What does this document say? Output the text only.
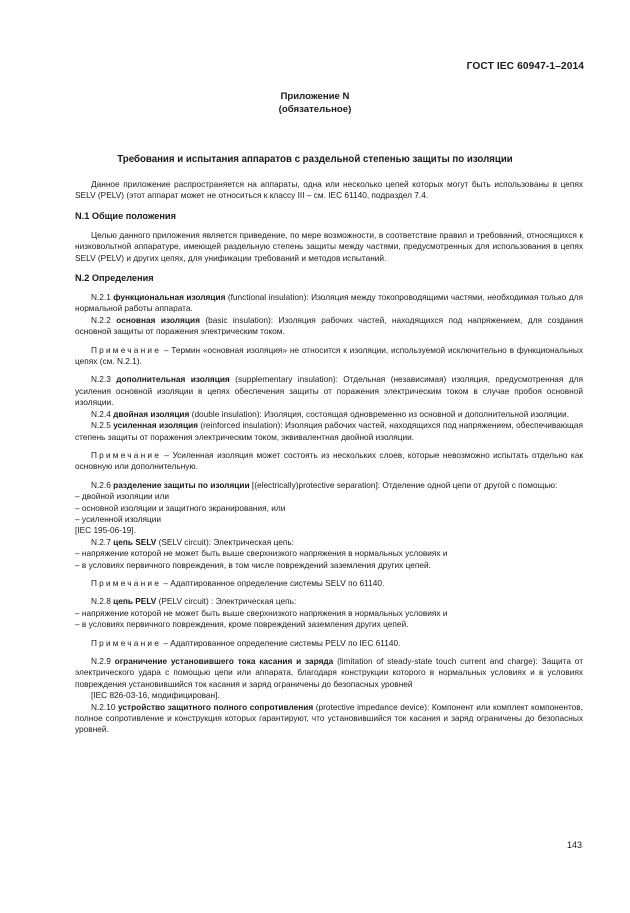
ГОСТ IEC 60947-1–2014
Приложение N
(обязательное)
Требования и испытания аппаратов с раздельной степенью защиты по изоляции

Данное приложение распространяется на аппараты, одна или несколько цепей которых могут быть использованы в цепях SELV (PELV) (этот аппарат может не относиться к классу III – см. IEC 61140, подраздел 7.4.

N.1 Общие положения

Целью данного приложения является приведение, по мере возможности, в соответствие правил и требований, относящихся к низковольтной аппаратуре, имеющей раздельную степень защиты между частями, предусмотренных для использования в цепях SELV (PELV) и других цепях, для унификации требований и методов испытаний.

N.2 Определения

N.2.1 функциональная изоляция (functional insulation): Изоляция между токопроводящими частями, необходимая только для нормальной работы аппарата.

N.2.2 основная изоляция (basic insulation): Изоляция рабочих частей, находящихся под напряжением, для создания основной защиты от поражения электрическим током.

Примечание – Термин «основная изоляция» не относится к изоляции, используемой исключительно в функциональных цепях (см. N.2.1).

N.2.3 дополнительная изоляция (supplementary insulation): Отдельная (независимая) изоляция, предусмотренная для усиления основной изоляции в цепях обеспечения защиты от поражения электрическим током в случае пробоя основной изоляции.

N.2.4 двойная изоляция (double insulation): Изоляция, состоящая одновременно из основной и дополнительной изоляции.

N.2.5 усиленная изоляция (reinforced insulation): Изоляция рабочих частей, находящихся под напряжением, обеспечивающая степень защиты от поражения электрическим током, эквивалентная двойной изоляции.

Примечание – Усиленная изоляция может состоять из нескольких слоев, которые невозможно испытать отдельно как основную или дополнительную.

N.2.6 разделение защиты по изоляции [(electrically)protective separation]: Отделение одной цепи от другой с помощью:

– двойной изоляции или

– основной изоляции и защитного экранирования, или

– усиленной изоляции

[IEC 195-06-19].

N.2.7 цепь SELV (SELV circuit): Электрическая цепь:

– напряжение которой не может быть выше сверхнизкого напряжения в нормальных условиях и

– в условиях первичного повреждения, в том числе повреждений заземления других цепей.

Примечание – Адаптированное определение системы SELV по 61140.

N.2.8 цепь PELV (PELV circuit) : Электрическая цепь:

– напряжение которой не может быть выше сверхнизкого напряжения в нормальных условиях и

– в условиях первичного повреждения, кроме повреждений заземления других цепей.

Примечание – Адаптированное определение системы PELV по IEC 61140.

N.2.9 ограничение установившего тока касания и заряда (limitation of steady-state touch current and charge): Защита от электрического удара с помощью цепи или аппарата, благодаря конструкции которого в нормальных условиях и в условиях повреждения установившийся ток касания и заряд ограничены до безопасных уровней

[IEC 826-03-16, модифицирован].

N.2.10 устройство защитного полного сопротивления (protective impedance device): Компонент или комплект компонентов, полное сопротивление и конструкция которых гарантируют, что установившийся ток касания и заряд ограничены до безопасных уровней.

143
